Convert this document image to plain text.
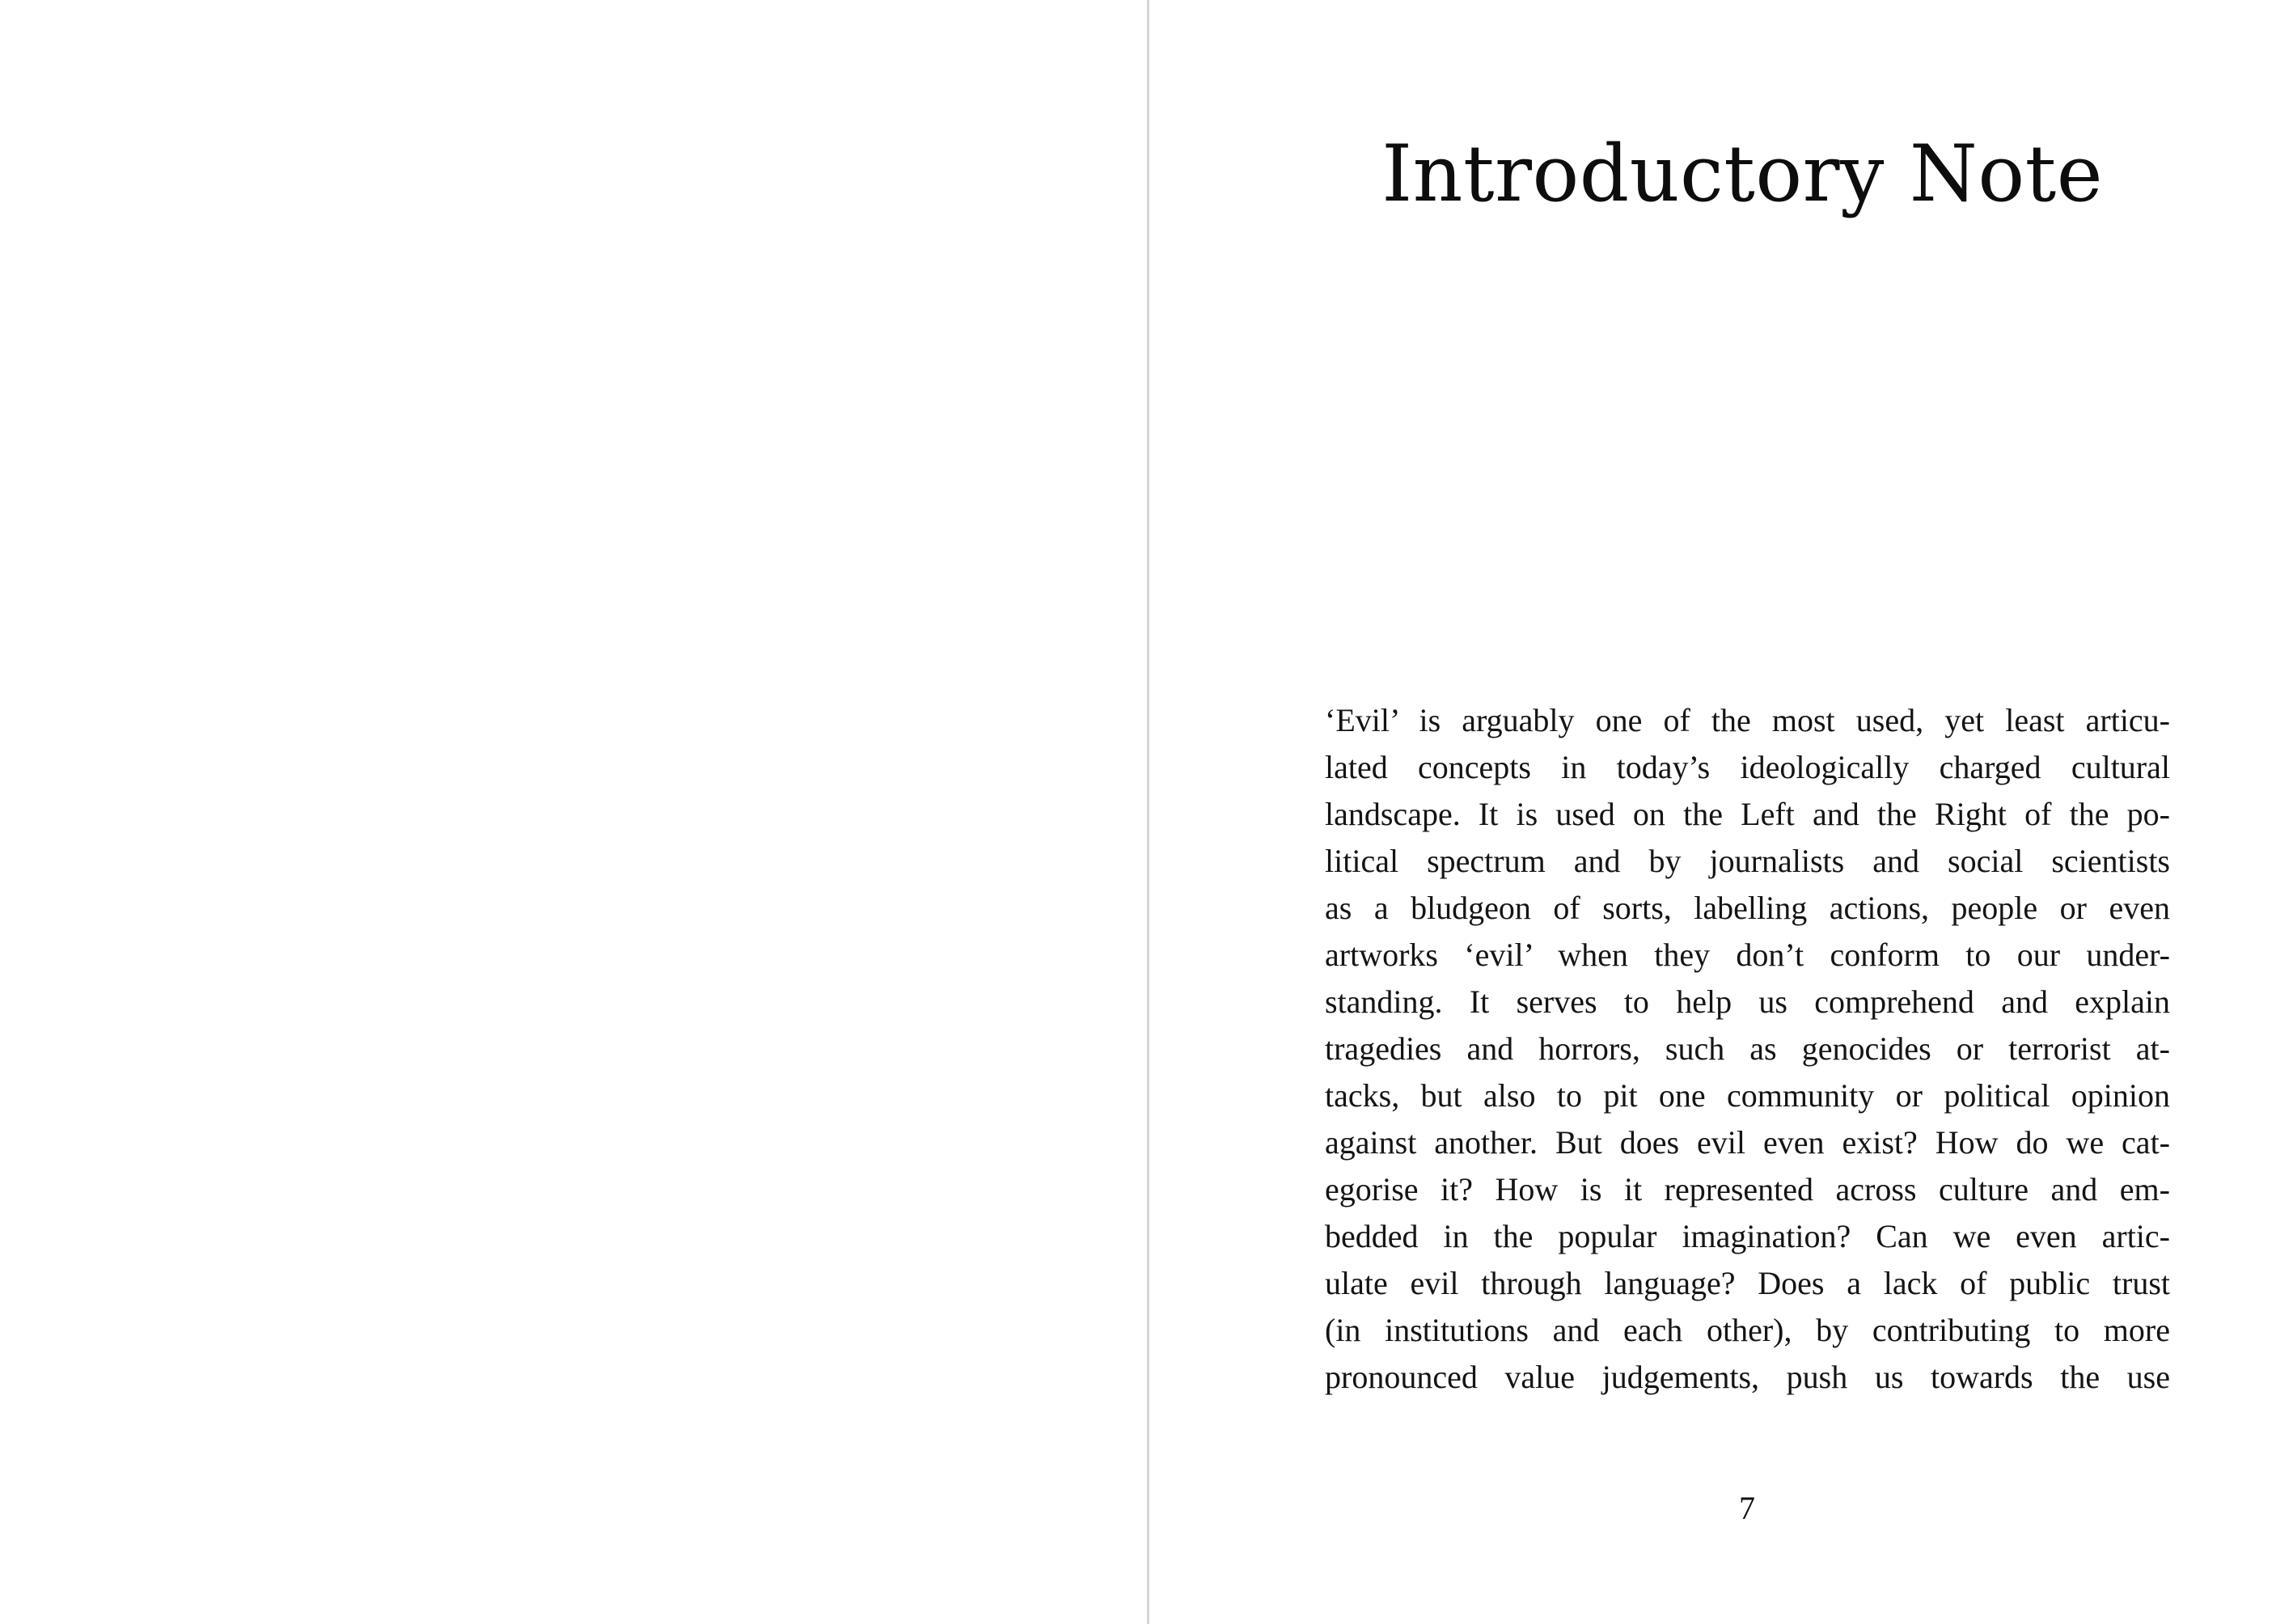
Introductory Note
‘Evil’ is arguably one of the most used, yet least articu-
lated concepts in today’s ideologically charged cultural
landscape. It is used on the Left and the Right of the po-
litical spectrum and by journalists and social scientists
as a bludgeon of sorts, labelling actions, people or even
artworks ‘evil’ when they don’t conform to our under-
standing. It serves to help us comprehend and explain
tragedies and horrors, such as genocides or terrorist at-
tacks, but also to pit one community or political opinion
against another. But does evil even exist? How do we cat-
egorise it? How is it represented across culture and em-
bedded in the popular imagination? Can we even artic-
ulate evil through language? Does a lack of public trust
(in institutions and each other), by contributing to more
pronounced value judgements, push us towards the use
7
